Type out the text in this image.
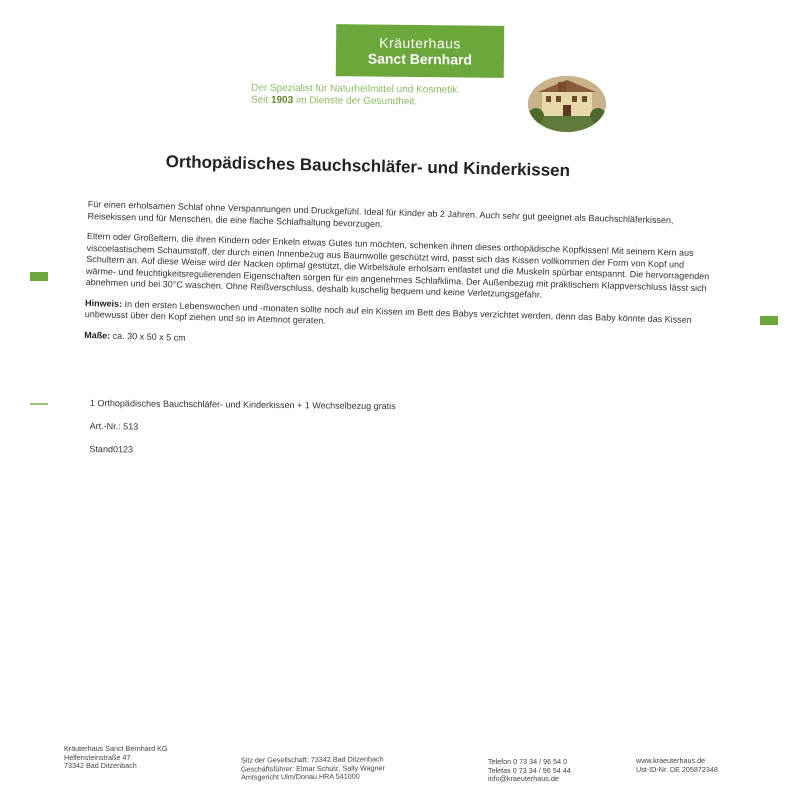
Kräuterhaus
Sanct Bernhard
Der Spezialist für Naturheilmittel und Kosmetik.
Seit 1903 im Dienste der Gesundheit.
Orthopädisches Bauchschläfer- und Kinderkissen

Für einen erholsamen Schlaf ohne Verspannungen und Druckgefühl. Ideal für Kinder ab 2 Jahren. Auch sehr gut geeignet als Bauchschläferkissen, Reisekissen und für Menschen, die eine flache Schlafhaltung bevorzugen.

Eltern oder Großeltern, die ihren Kindern oder Enkeln etwas Gutes tun möchten, schenken ihnen dieses orthopädische Kopfkissen! Mit seinem Kern aus viscoelastischem Schaumstoff, der durch einen Innenbezug aus Baumwolle geschützt wird, passt sich das Kissen vollkommen der Form von Kopf und Schultern an. Auf diese Weise wird der Nacken optimal gestützt, die Wirbelsäule erholsam entlastet und die Muskeln spürbar entspannt. Die hervorragenden wärme- und feuchtigkeitsregulierenden Eigenschaften sorgen für ein angenehmes Schlafklima. Der Außenbezug mit praktischem Klappverschluss lässt sich abnehmen und bei 30°C waschen. Ohne Reißverschluss, deshalb kuschelig bequem und keine Verletzungsgefahr.

Hinweis: In den ersten Lebenswochen und -monaten sollte noch auf ein Kissen im Bett des Babys verzichtet werden, denn das Baby könnte das Kissen unbewusst über den Kopf ziehen und so in Atemnot geraten.

Maße: ca. 30 x 50 x 5 cm

1 Orthopädisches Bauchschläfer- und Kinderkissen + 1 Wechselbezug gratis
Art.-Nr.: 513
Stand0123
Kräuterhaus Sanct Bernhard KG
Helfensteinstraße 47
73342 Bad Ditzenbach
Sitz der Gesellschaft: 73342 Bad Ditzenbach
Geschäftsführer: Elmar Schulz, Sally Wagner
Amtsgericht Ulm/Donau HRA 541000
Telefon 0 73 34 / 96 54 0
Telefax 0 73 34 / 96 54 44
info@kraeuterhaus.de
www.kraeuterhaus.de
Ust-ID-Nr. DE 205872348
